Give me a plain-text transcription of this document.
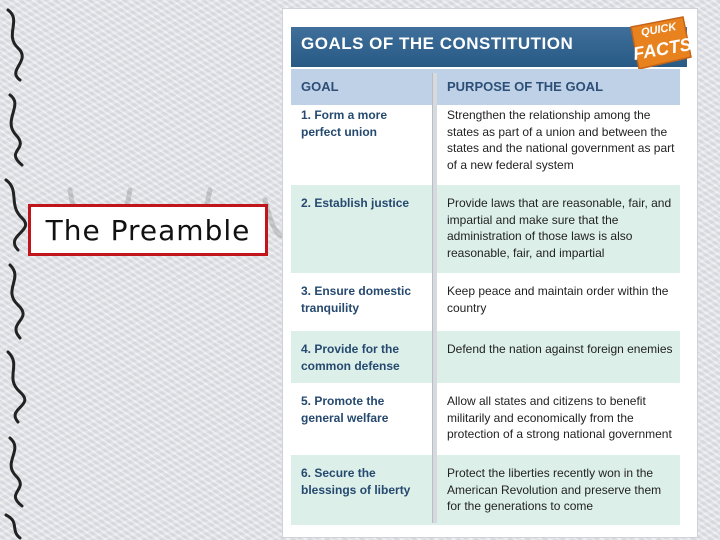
The Preamble
GOALS OF THE CONSTITUTION
QUICK
FACTS
GOAL	PURPOSE OF THE GOAL
1. Form a more perfect union
Strengthen the relationship among the states as part of a union and between the states and the national government as part of a new federal system
2. Establish justice	Provide laws that are reasonable, fair, and impartial and make sure that the administration of those laws is also reasonable, fair, and impartial
3. Ensure domestic tranquility
Keep peace and maintain order within the country
4. Provide for the common defense
Defend the nation against foreign enemies
5. Promote the general welfare
Allow all states and citizens to benefit militarily and economically from the protection of a strong national government
6. Secure the blessings of liberty
Protect the liberties recently won in the American Revolution and preserve them for the generations to come
